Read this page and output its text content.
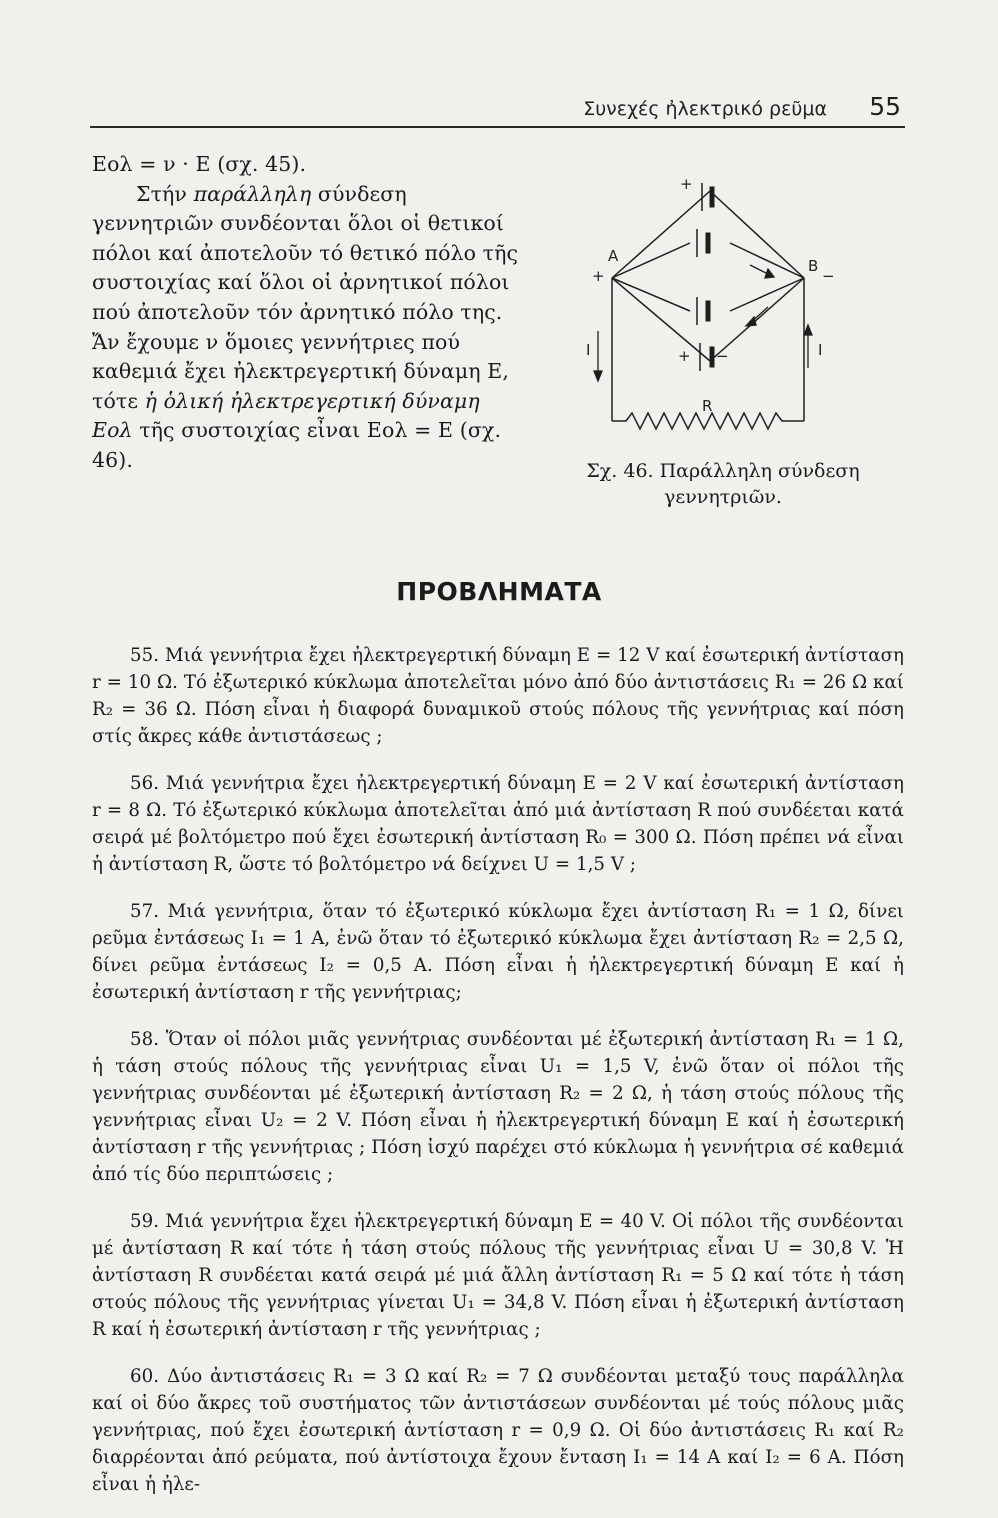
Συνεχές ἠλεκτρικό ρεῦμα 55

Eολ = ν · E (σχ. 45).

Στήν παράλληλη σύνδεση γεννητριῶν συνδέονται ὅλοι οἱ θετικοί πόλοι καί ἀποτελοῦν τό θετικό πόλο τῆς συστοιχίας καί ὅλοι οἱ ἀρνητικοί πόλοι πού ἀποτελοῦν τόν ἀρνητικό πόλο της. Ἄν ἔχουμε ν ὅμοιες γεννήτριες πού καθεμιά ἔχει ἠλεκτρεγερτική δύναμη E, τότε ἡ ὁλική ἠλεκτρεγερτική δύναμη Eολ τῆς συστοιχίας εἶναι Eολ = E (σχ. 46).

A
B
+	−
+
+ −
I	I
R
Σχ. 46. Παράλληλη σύνδεση γεννητριῶν.
ΠΡΟΒΛΗΜΑΤΑ

55. Μιά γεννήτρια ἔχει ἠλεκτρεγερτική δύναμη E = 12 V καί ἐσωτερική ἀντίσταση r = 10 Ω. Τό ἐξωτερικό κύκλωμα ἀποτελεῖται μόνο ἀπό δύο ἀντιστάσεις R₁ = 26 Ω καί R₂ = 36 Ω. Πόση εἶναι ἡ διαφορά δυναμικοῦ στούς πόλους τῆς γεννήτριας καί πόση στίς ἄκρες κάθε ἀντιστάσεως ;

56. Μιά γεννήτρια ἔχει ἠλεκτρεγερτική δύναμη E = 2 V καί ἐσωτερική ἀντίσταση r = 8 Ω. Τό ἐξωτερικό κύκλωμα ἀποτελεῖται ἀπό μιά ἀντίσταση R πού συνδέεται κατά σειρά μέ βολτόμετρο πού ἔχει ἐσωτερική ἀντίσταση R₀ = 300 Ω. Πόση πρέπει νά εἶναι ἡ ἀντίσταση R, ὥστε τό βολτόμετρο νά δείχνει U = 1,5 V ;

57. Μιά γεννήτρια, ὅταν τό ἐξωτερικό κύκλωμα ἔχει ἀντίσταση R₁ = 1 Ω, δίνει ρεῦμα ἐντάσεως I₁ = 1 A, ἐνῶ ὅταν τό ἐξωτερικό κύκλωμα ἔχει ἀντίσταση R₂ = 2,5 Ω, δίνει ρεῦμα ἐντάσεως I₂ = 0,5 A. Πόση εἶναι ἡ ἠλεκτρεγερτική δύναμη E καί ἡ ἐσωτερική ἀντίσταση r τῆς γεννήτριας;

58. Ὅταν οἱ πόλοι μιᾶς γεννήτριας συνδέονται μέ ἐξωτερική ἀντίσταση R₁ = 1 Ω, ἡ τάση στούς πόλους τῆς γεννήτριας εἶναι U₁ = 1,5 V, ἐνῶ ὅταν οἱ πόλοι τῆς γεννήτριας συνδέονται μέ ἐξωτερική ἀντίσταση R₂ = 2 Ω, ἡ τάση στούς πόλους τῆς γεννήτριας εἶναι U₂ = 2 V. Πόση εἶναι ἡ ἠλεκτρεγερτική δύναμη E καί ἡ ἐσωτερική ἀντίσταση r τῆς γεννήτριας ; Πόση ἰσχύ παρέχει στό κύκλωμα ἡ γεννήτρια σέ καθεμιά ἀπό τίς δύο περιπτώσεις ;

59. Μιά γεννήτρια ἔχει ἠλεκτρεγερτική δύναμη E = 40 V. Οἱ πόλοι τῆς συνδέονται μέ ἀντίσταση R καί τότε ἡ τάση στούς πόλους τῆς γεννήτριας εἶναι U = 30,8 V. Ἡ ἀντίσταση R συνδέεται κατά σειρά μέ μιά ἄλλη ἀντίσταση R₁ = 5 Ω καί τότε ἡ τάση στούς πόλους τῆς γεννήτριας γίνεται U₁ = 34,8 V. Πόση εἶναι ἡ ἐξωτερική ἀντίσταση R καί ἡ ἐσωτερική ἀντίσταση r τῆς γεννήτριας ;

60. Δύο ἀντιστάσεις R₁ = 3 Ω καί R₂ = 7 Ω συνδέονται μεταξύ τους παράλληλα καί οἱ δύο ἄκρες τοῦ συστήματος τῶν ἀντιστάσεων συνδέονται μέ τούς πόλους μιᾶς γεννήτριας, πού ἔχει ἐσωτερική ἀντίσταση r = 0,9 Ω. Οἱ δύο ἀντιστάσεις R₁ καί R₂ διαρρέονται ἀπό ρεύματα, πού ἀντίστοιχα ἔχουν ἔνταση I₁ = 14 A καί I₂ = 6 A. Πόση εἶναι ἡ ἠλε-
